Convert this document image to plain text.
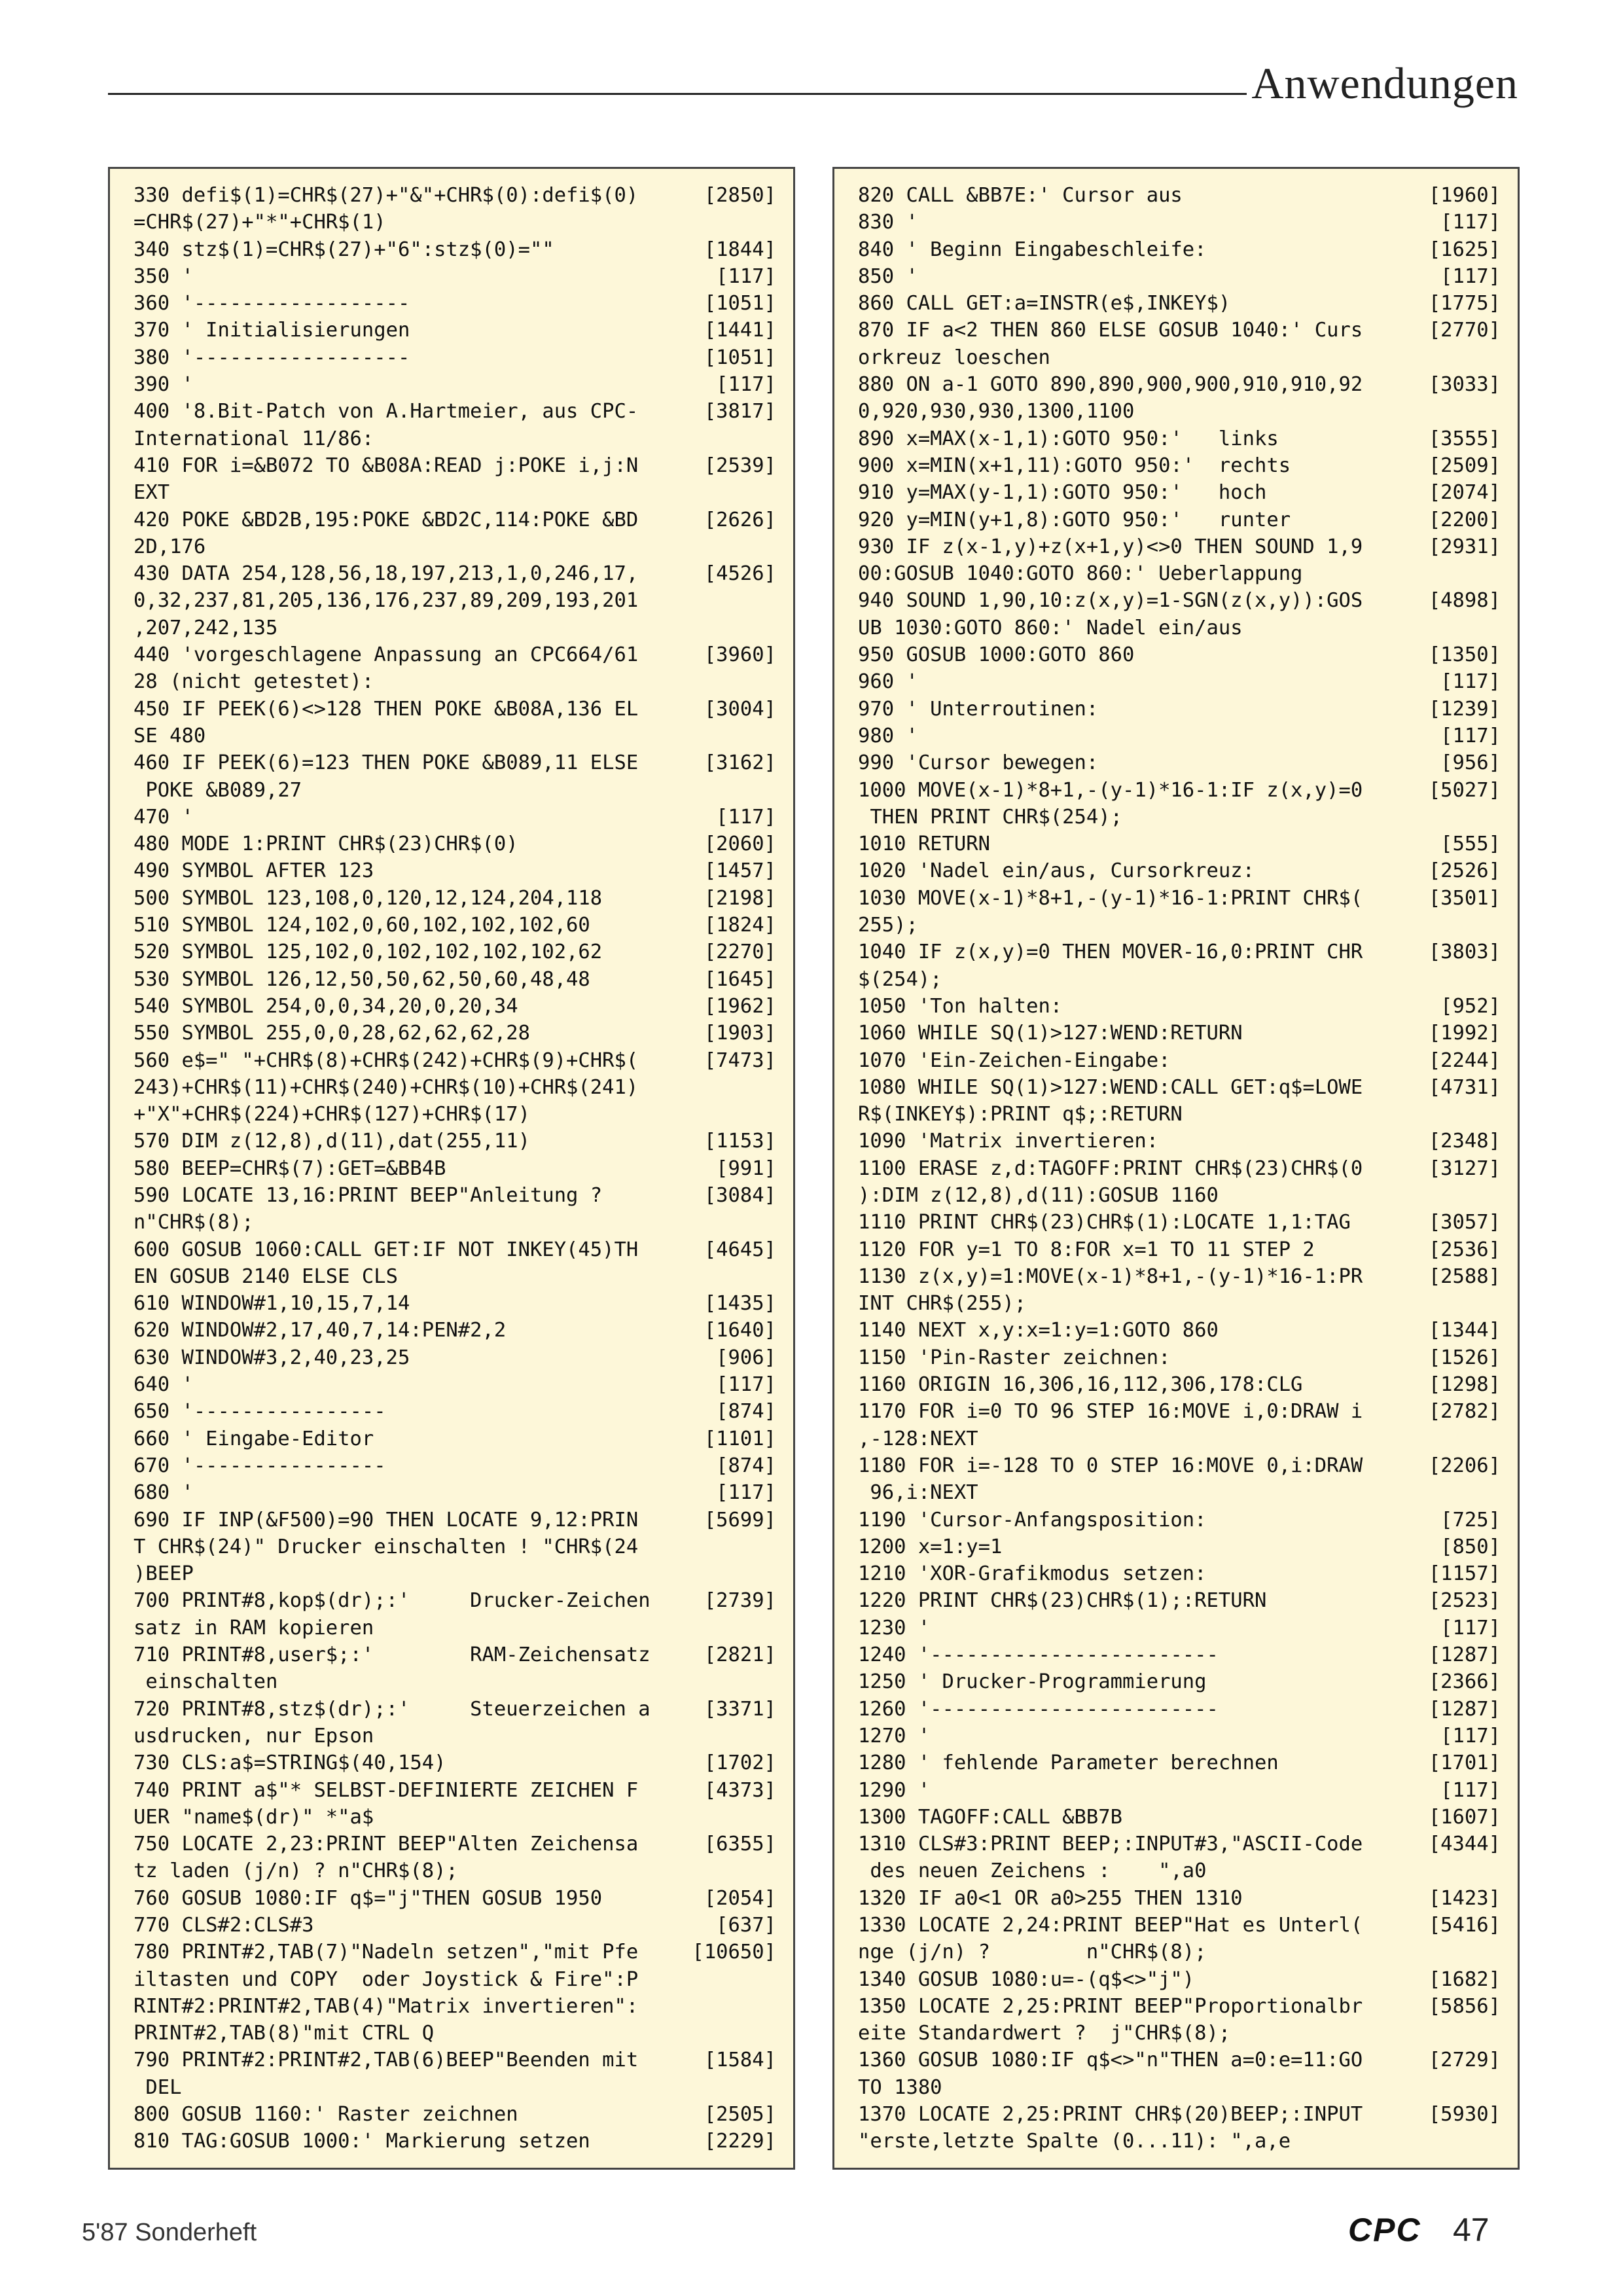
Anwendungen
330 defi$(1)=CHR$(27)+"&"+CHR$(0):defi$(0)	[2850]
=CHR$(27)+"*"+CHR$(1)
340 stz$(1)=CHR$(27)+"6":stz$(0)=""	[1844]
350 '	[117]
360 '------------------	[1051]
370 ' Initialisierungen	[1441]
380 '------------------	[1051]
390 '	[117]
400 '8.Bit-Patch von A.Hartmeier, aus CPC-	[3817]
International 11/86:
410 FOR i=&B072 TO &B08A:READ j:POKE i,j:N	[2539]
EXT
420 POKE &BD2B,195:POKE &BD2C,114:POKE &BD	[2626]
2D,176
430 DATA 254,128,56,18,197,213,1,0,246,17,	[4526]
0,32,237,81,205,136,176,237,89,209,193,201
,207,242,135
440 'vorgeschlagene Anpassung an CPC664/61	[3960]
28 (nicht getestet):
450 IF PEEK(6)<>128 THEN POKE &B08A,136 EL	[3004]
SE 480
460 IF PEEK(6)=123 THEN POKE &B089,11 ELSE	[3162]
POKE &B089,27
470 '	[117]
480 MODE 1:PRINT CHR$(23)CHR$(0)	[2060]
490 SYMBOL AFTER 123	[1457]
500 SYMBOL 123,108,0,120,12,124,204,118	[2198]
510 SYMBOL 124,102,0,60,102,102,102,60	[1824]
520 SYMBOL 125,102,0,102,102,102,102,62	[2270]
530 SYMBOL 126,12,50,50,62,50,60,48,48	[1645]
540 SYMBOL 254,0,0,34,20,0,20,34	[1962]
550 SYMBOL 255,0,0,28,62,62,62,28	[1903]
560 e$=" "+CHR$(8)+CHR$(242)+CHR$(9)+CHR$(	[7473]
243)+CHR$(11)+CHR$(240)+CHR$(10)+CHR$(241)
+"X"+CHR$(224)+CHR$(127)+CHR$(17)
570 DIM z(12,8),d(11),dat(255,11)	[1153]
580 BEEP=CHR$(7):GET=&BB4B	[991]
590 LOCATE 13,16:PRINT BEEP"Anleitung ?	[3084]
n"CHR$(8);
600 GOSUB 1060:CALL GET:IF NOT INKEY(45)TH	[4645]
EN GOSUB 2140 ELSE CLS
610 WINDOW#1,10,15,7,14	[1435]
620 WINDOW#2,17,40,7,14:PEN#2,2	[1640]
630 WINDOW#3,2,40,23,25	[906]
640 '	[117]
650 '----------------	[874]
660 ' Eingabe-Editor	[1101]
670 '----------------	[874]
680 '	[117]
690 IF INP(&F500)=90 THEN LOCATE 9,12:PRIN	[5699]
T CHR$(24)" Drucker einschalten ! "CHR$(24
)BEEP
700 PRINT#8,kop$(dr);:'     Drucker-Zeichen	[2739]
satz in RAM kopieren
710 PRINT#8,user$;:'        RAM-Zeichensatz	[2821]
einschalten
720 PRINT#8,stz$(dr);:'     Steuerzeichen a	[3371]
usdrucken, nur Epson
730 CLS:a$=STRING$(40,154)	[1702]
740 PRINT a$"* SELBST-DEFINIERTE ZEICHEN F	[4373]
UER "name$(dr)" *"a$
750 LOCATE 2,23:PRINT BEEP"Alten Zeichensa	[6355]
tz laden (j/n) ? n"CHR$(8);
760 GOSUB 1080:IF q$="j"THEN GOSUB 1950	[2054]
770 CLS#2:CLS#3	[637]
780 PRINT#2,TAB(7)"Nadeln setzen","mit Pfe	[10650]
iltasten und COPY  oder Joystick & Fire":P
RINT#2:PRINT#2,TAB(4)"Matrix invertieren":
PRINT#2,TAB(8)"mit CTRL Q
790 PRINT#2:PRINT#2,TAB(6)BEEP"Beenden mit	[1584]
DEL
800 GOSUB 1160:' Raster zeichnen	[2505]
810 TAG:GOSUB 1000:' Markierung setzen	[2229]
820 CALL &BB7E:' Cursor aus	[1960]
830 '	[117]
840 ' Beginn Eingabeschleife:	[1625]
850 '	[117]
860 CALL GET:a=INSTR(e$,INKEY$)	[1775]
870 IF a<2 THEN 860 ELSE GOSUB 1040:' Curs	[2770]
orkreuz loeschen
880 ON a-1 GOTO 890,890,900,900,910,910,92	[3033]
0,920,930,930,1300,1100
890 x=MAX(x-1,1):GOTO 950:'   links	[3555]
900 x=MIN(x+1,11):GOTO 950:'  rechts	[2509]
910 y=MAX(y-1,1):GOTO 950:'   hoch	[2074]
920 y=MIN(y+1,8):GOTO 950:'   runter	[2200]
930 IF z(x-1,y)+z(x+1,y)<>0 THEN SOUND 1,9	[2931]
00:GOSUB 1040:GOTO 860:' Ueberlappung
940 SOUND 1,90,10:z(x,y)=1-SGN(z(x,y)):GOS	[4898]
UB 1030:GOTO 860:' Nadel ein/aus
950 GOSUB 1000:GOTO 860	[1350]
960 '	[117]
970 ' Unterroutinen:	[1239]
980 '	[117]
990 'Cursor bewegen:	[956]
1000 MOVE(x-1)*8+1,-(y-1)*16-1:IF z(x,y)=0	[5027]
THEN PRINT CHR$(254);
1010 RETURN	[555]
1020 'Nadel ein/aus, Cursorkreuz:	[2526]
1030 MOVE(x-1)*8+1,-(y-1)*16-1:PRINT CHR$(	[3501]
255);
1040 IF z(x,y)=0 THEN MOVER-16,0:PRINT CHR	[3803]
$(254);
1050 'Ton halten:	[952]
1060 WHILE SQ(1)>127:WEND:RETURN	[1992]
1070 'Ein-Zeichen-Eingabe:	[2244]
1080 WHILE SQ(1)>127:WEND:CALL GET:q$=LOWE	[4731]
R$(INKEY$):PRINT q$;:RETURN
1090 'Matrix invertieren:	[2348]
1100 ERASE z,d:TAGOFF:PRINT CHR$(23)CHR$(0	[3127]
):DIM z(12,8),d(11):GOSUB 1160
1110 PRINT CHR$(23)CHR$(1):LOCATE 1,1:TAG	[3057]
1120 FOR y=1 TO 8:FOR x=1 TO 11 STEP 2	[2536]
1130 z(x,y)=1:MOVE(x-1)*8+1,-(y-1)*16-1:PR	[2588]
INT CHR$(255);
1140 NEXT x,y:x=1:y=1:GOTO 860	[1344]
1150 'Pin-Raster zeichnen:	[1526]
1160 ORIGIN 16,306,16,112,306,178:CLG	[1298]
1170 FOR i=0 TO 96 STEP 16:MOVE i,0:DRAW i	[2782]
,-128:NEXT
1180 FOR i=-128 TO 0 STEP 16:MOVE 0,i:DRAW	[2206]
96,i:NEXT
1190 'Cursor-Anfangsposition:	[725]
1200 x=1:y=1	[850]
1210 'XOR-Grafikmodus setzen:	[1157]
1220 PRINT CHR$(23)CHR$(1);:RETURN	[2523]
1230 '	[117]
1240 '------------------------	[1287]
1250 ' Drucker-Programmierung	[2366]
1260 '------------------------	[1287]
1270 '	[117]
1280 ' fehlende Parameter berechnen	[1701]
1290 '	[117]
1300 TAGOFF:CALL &BB7B	[1607]
1310 CLS#3:PRINT BEEP;:INPUT#3,"ASCII-Code	[4344]
des neuen Zeichens :    ",a0
1320 IF a0<1 OR a0>255 THEN 1310	[1423]
1330 LOCATE 2,24:PRINT BEEP"Hat es Unterl(	[5416]
nge (j/n) ?        n"CHR$(8);
1340 GOSUB 1080:u=-(q$<>"j")	[1682]
1350 LOCATE 2,25:PRINT BEEP"Proportionalbr	[5856]
eite Standardwert ?  j"CHR$(8);
1360 GOSUB 1080:IF q$<>"n"THEN a=0:e=11:GO	[2729]
TO 1380
1370 LOCATE 2,25:PRINT CHR$(20)BEEP;:INPUT	[5930]
"erste,letzte Spalte (0...11): ",a,e
5'87 Sonderheft	CPC 47
